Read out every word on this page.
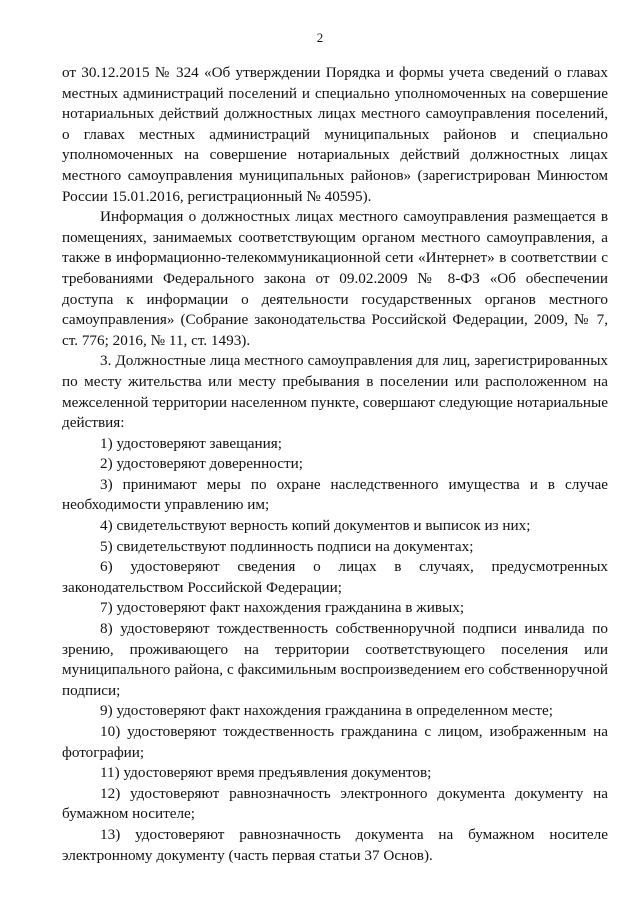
2

от 30.12.2015 № 324 «Об утверждении Порядка и формы учета сведений о главах местных администраций поселений и специально уполномоченных на совершение нотариальных действий должностных лицах местного самоуправления поселений, о главах местных администраций муниципальных районов и специально уполномоченных на совершение нотариальных действий должностных лицах местного самоуправления муниципальных районов» (зарегистрирован Минюстом России 15.01.2016, регистрационный № 40595).

Информация о должностных лицах местного самоуправления размещается в помещениях, занимаемых соответствующим органом местного самоуправления, а также в информационно-телекоммуникационной сети «Интернет» в соответствии с требованиями Федерального закона от 09.02.2009 № 8-ФЗ «Об обеспечении доступа к информации о деятельности государственных органов местного самоуправления» (Собрание законодательства Российской Федерации, 2009, № 7, ст. 776; 2016, № 11, ст. 1493).

3. Должностные лица местного самоуправления для лиц, зарегистрированных по месту жительства или месту пребывания в поселении или расположенном на межселенной территории населенном пункте, совершают следующие нотариальные действия:

1) удостоверяют завещания;

2) удостоверяют доверенности;

3) принимают меры по охране наследственного имущества и в случае необходимости управлению им;

4) свидетельствуют верность копий документов и выписок из них;

5) свидетельствуют подлинность подписи на документах;

6) удостоверяют сведения о лицах в случаях, предусмотренных законодательством Российской Федерации;

7) удостоверяют факт нахождения гражданина в живых;

8) удостоверяют тождественность собственноручной подписи инвалида по зрению, проживающего на территории соответствующего поселения или муниципального района, с факсимильным воспроизведением его собственноручной подписи;

9) удостоверяют факт нахождения гражданина в определенном месте;

10) удостоверяют тождественность гражданина с лицом, изображенным на фотографии;

11) удостоверяют время предъявления документов;

12) удостоверяют равнозначность электронного документа документу на бумажном носителе;

13) удостоверяют равнозначность документа на бумажном носителе электронному документу (часть первая статьи 37 Основ).
